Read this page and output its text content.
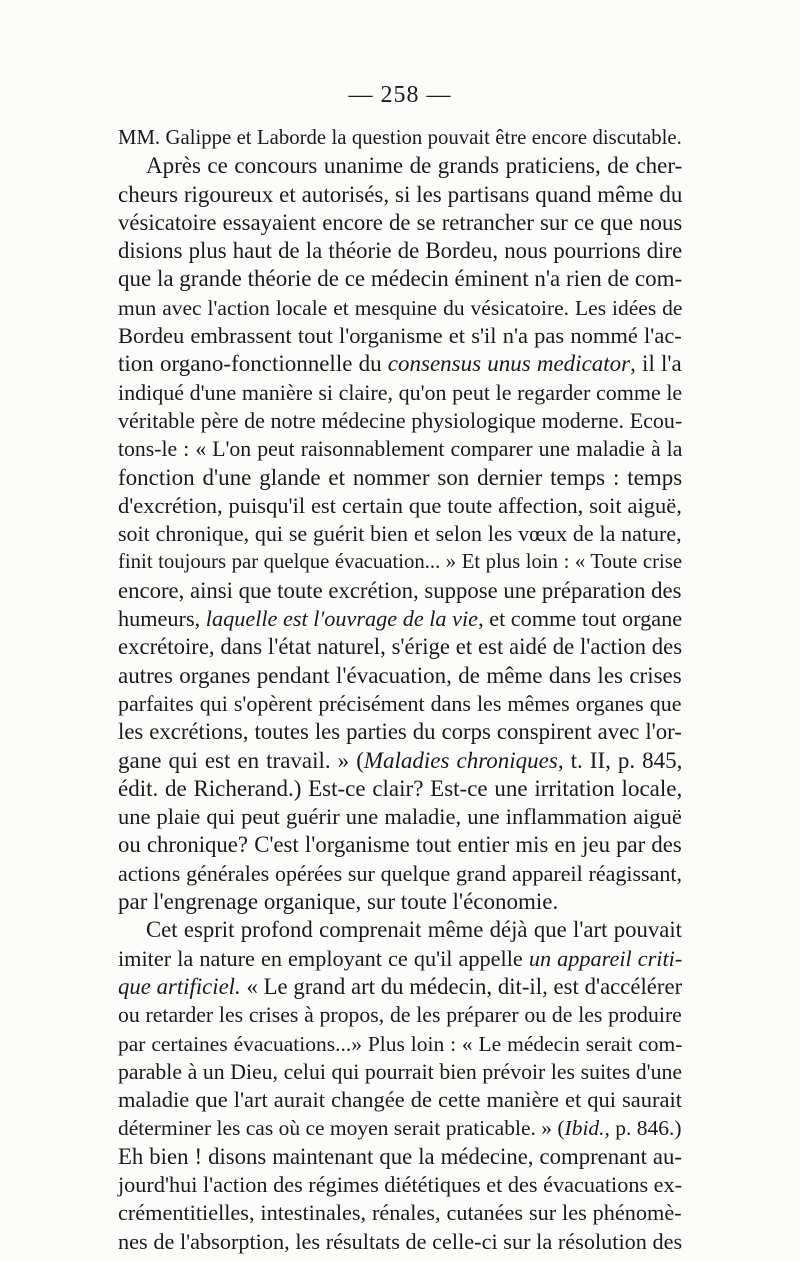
— 258 —
MM. Galippe et Laborde la question pouvait être encore discutable.
Après ce concours unanime de grands praticiens, de cher-
cheurs rigoureux et autorisés, si les partisans quand même du
vésicatoire essayaient encore de se retrancher sur ce que nous
disions plus haut de la théorie de Bordeu, nous pourrions dire
que la grande théorie de ce médecin éminent n'a rien de com-
mun avec l'action locale et mesquine du vésicatoire. Les idées de
Bordeu embrassent tout l'organisme et s'il n'a pas nommé l'ac-
tion organo-fonctionnelle du consensus unus medicator, il l'a
indiqué d'une manière si claire, qu'on peut le regarder comme le
véritable père de notre médecine physiologique moderne. Ecou-
tons-le : « L'on peut raisonnablement comparer une maladie à la
fonction d'une glande et nommer son dernier temps : temps
d'excrétion, puisqu'il est certain que toute affection, soit aiguë,
soit chronique, qui se guérit bien et selon les vœux de la nature,
finit toujours par quelque évacuation... » Et plus loin : « Toute crise
encore, ainsi que toute excrétion, suppose une préparation des
humeurs, laquelle est l'ouvrage de la vie, et comme tout organe
excrétoire, dans l'état naturel, s'érige et est aidé de l'action des
autres organes pendant l'évacuation, de même dans les crises
parfaites qui s'opèrent précisément dans les mêmes organes que
les excrétions, toutes les parties du corps conspirent avec l'or-
gane qui est en travail. » (Maladies chroniques, t. II, p. 845,
édit. de Richerand.) Est-ce clair? Est-ce une irritation locale,
une plaie qui peut guérir une maladie, une inflammation aiguë
ou chronique? C'est l'organisme tout entier mis en jeu par des
actions générales opérées sur quelque grand appareil réagissant,
par l'engrenage organique, sur toute l'économie.
Cet esprit profond comprenait même déjà que l'art pouvait
imiter la nature en employant ce qu'il appelle un appareil criti-
que artificiel. « Le grand art du médecin, dit-il, est d'accélérer
ou retarder les crises à propos, de les préparer ou de les produire
par certaines évacuations...» Plus loin : « Le médecin serait com-
parable à un Dieu, celui qui pourrait bien prévoir les suites d'une
maladie que l'art aurait changée de cette manière et qui saurait
déterminer les cas où ce moyen serait praticable. » (Ibid., p. 846.)
Eh bien ! disons maintenant que la médecine, comprenant au-
jourd'hui l'action des régimes diététiques et des évacuations ex-
crémentitielles, intestinales, rénales, cutanées sur les phénomè-
nes de l'absorption, les résultats de celle-ci sur la résolution des
